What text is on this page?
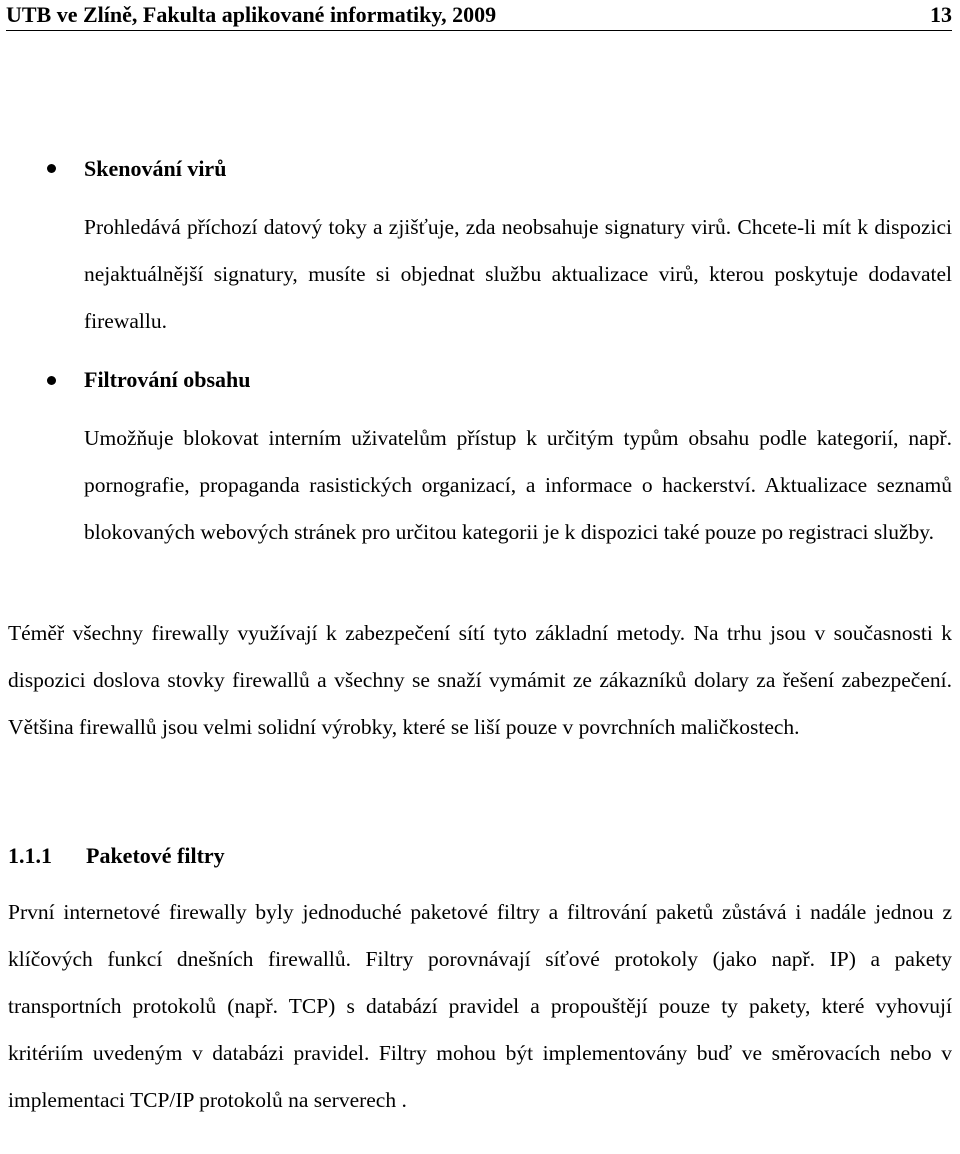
UTB ve Zlíně, Fakulta aplikované informatiky, 2009	13
Skenování virů
Prohledává příchozí datový toky a zjišťuje, zda neobsahuje signatury virů. Chcete-li mít k dispozici nejaktuálnější signatury, musíte si objednat službu aktualizace virů, kterou poskytuje dodavatel firewallu.
Filtrování obsahu
Umožňuje blokovat interním uživatelům přístup k určitým typům obsahu podle kategorií, např. pornografie, propaganda rasistických organizací, a informace o hackerství. Aktualizace seznamů blokovaných webových stránek pro určitou kategorii je k dispozici také pouze po registraci služby.
Téměř všechny firewally využívají k zabezpečení sítí tyto základní metody. Na trhu jsou v současnosti k dispozici doslova stovky firewallů a všechny se snaží vymámit ze zákazníků dolary za řešení zabezpečení. Většina firewallů jsou velmi solidní výrobky, které se liší pouze v povrchních maličkostech.
1.1.1 Paketové filtry
První internetové firewally byly jednoduché paketové filtry a filtrování paketů zůstává i nadále jednou z klíčových funkcí dnešních firewallů. Filtry porovnávají síťové protokoly (jako např. IP) a pakety transportních protokolů (např. TCP) s databází pravidel a propouštějí pouze ty pakety, které vyhovují kritériím uvedeným v databázi pravidel. Filtry mohou být implementovány buď ve směrovacích nebo v implementaci TCP/IP protokolů na serverech .
